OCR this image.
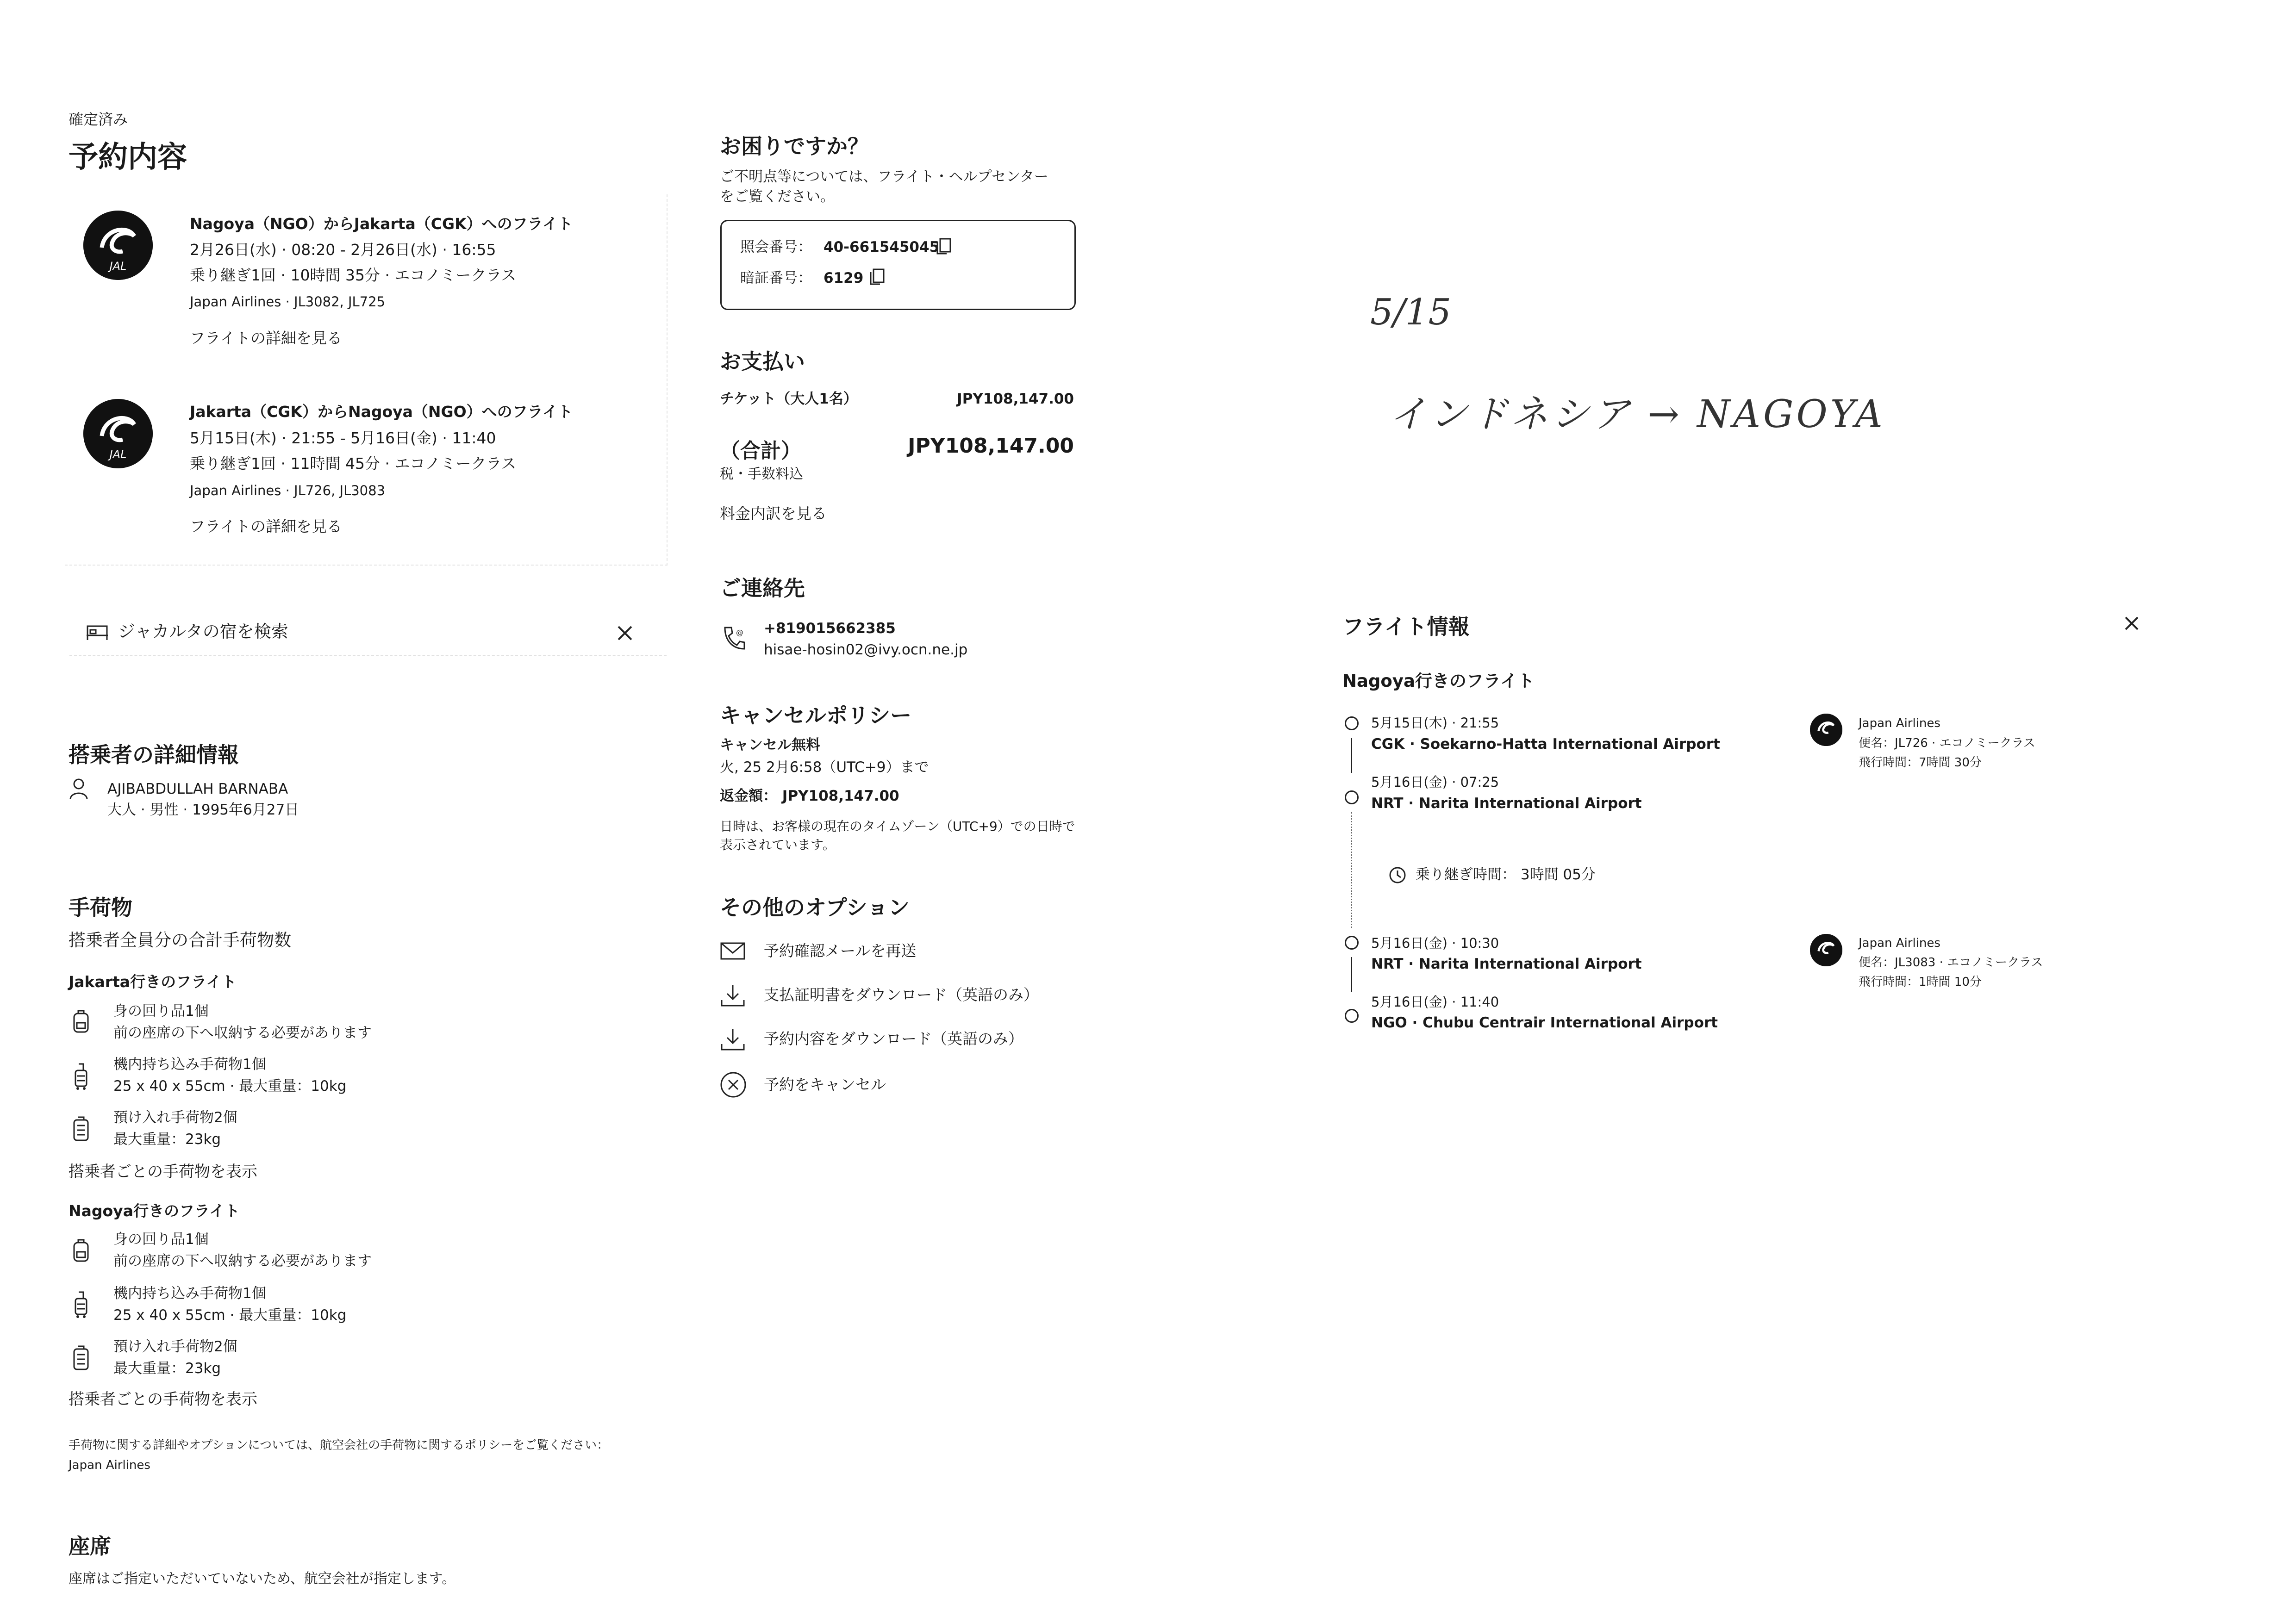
確定済み
予約内容
JAL
Nagoya（NGO）からJakarta（CGK）へのフライト
2月26日(水) · 08:20 - 2月26日(水) · 16:55
乗り継ぎ1回 · 10時間 35分 · エコノミークラス
Japan Airlines · JL3082, JL725
フライトの詳細を見る
JAL
Jakarta（CGK）からNagoya（NGO）へのフライト
5月15日(木) · 21:55 - 5月16日(金) · 11:40
乗り継ぎ1回 · 11時間 45分 · エコノミークラス
Japan Airlines · JL726, JL3083
フライトの詳細を見る
ジャカルタの宿を検索
搭乗者の詳細情報
AJIBABDULLAH BARNABA
大人 · 男性 · 1995年6月27日
手荷物
搭乗者全員分の合計手荷物数
Jakarta行きのフライト
身の回り品1個
前の座席の下へ収納する必要があります
機内持ち込み手荷物1個
25 x 40 x 55cm · 最大重量：10kg
預け入れ手荷物2個
最大重量：23kg
搭乗者ごとの手荷物を表示
Nagoya行きのフライト
身の回り品1個
前の座席の下へ収納する必要があります
機内持ち込み手荷物1個
25 x 40 x 55cm · 最大重量：10kg
預け入れ手荷物2個
最大重量：23kg
搭乗者ごとの手荷物を表示
手荷物に関する詳細やオプションについては、航空会社の手荷物に関するポリシーをご覧ください：
Japan Airlines
座席
座席はご指定いただいていないため、航空会社が指定します。
お困りですか？
ご不明点等については、フライト・ヘルプセンター
をご覧ください。
照会番号： 40-661545045
暗証番号： 6129
お支払い
チケット（大人1名）	JPY108,147.00
（合計）	JPY108,147.00
税・手数料込
料金内訳を見る
ご連絡先
@ +819015662385
hisae-hosin02@ivy.ocn.ne.jp
キャンセルポリシー
キャンセル無料
火, 25 2月6:58（UTC+9）まで
返金額： JPY108,147.00
日時は、お客様の現在のタイムゾーン（UTC+9）での日時で
表示されています。
その他のオプション
予約確認メールを再送
支払証明書をダウンロード（英語のみ）
予約内容をダウンロード（英語のみ）
予約をキャンセル
5/15
インドネシア → NAGOYA
フライト情報
Nagoya行きのフライト
5月15日(木) · 21:55
CGK · Soekarno-Hatta International Airport
5月16日(金) · 07:25
NRT · Narita International Airport
Japan Airlines
便名：JL726 · エコノミークラス
飛行時間：7時間 30分
乗り継ぎ時間： 3時間 05分
5月16日(金) · 10:30
NRT · Narita International Airport
5月16日(金) · 11:40
NGO · Chubu Centrair International Airport
Japan Airlines
便名：JL3083 · エコノミークラス
飛行時間：1時間 10分
